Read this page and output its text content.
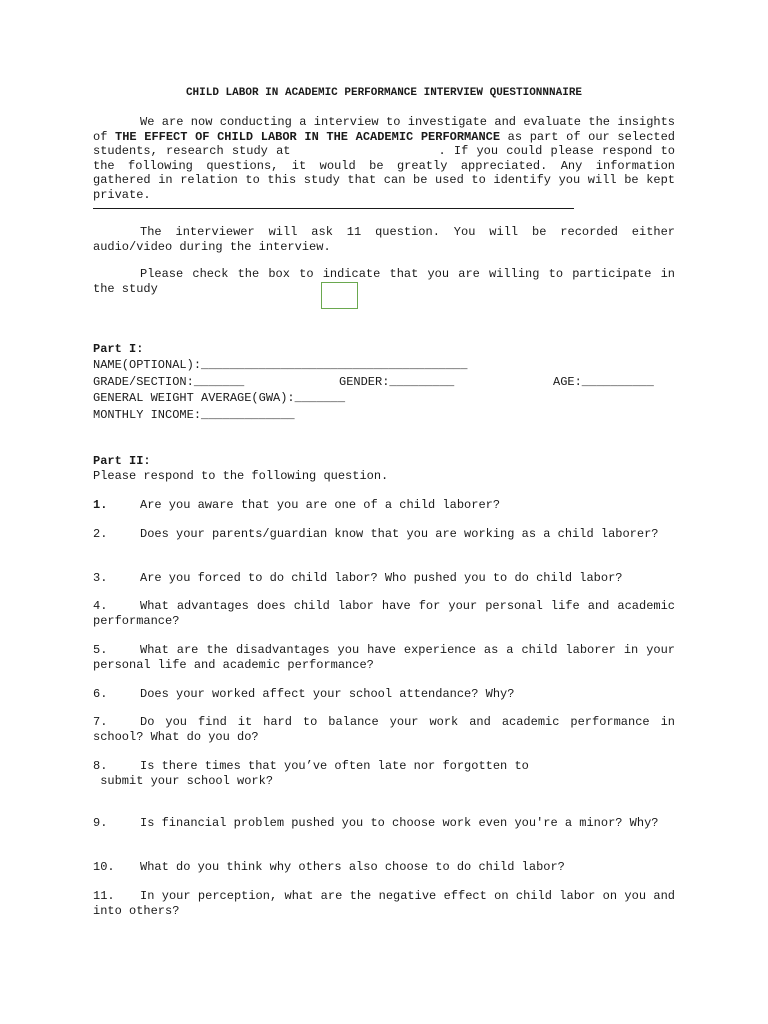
CHILD LABOR IN ACADEMIC PERFORMANCE INTERVIEW QUESTIONNNAIRE
We are now conducting a interview to investigate and evaluate the insights of THE EFFECT OF CHILD LABOR IN THE ACADEMIC PERFORMANCE as part of our selected students, research study at                  . If you could please respond to the following questions, it would be greatly appreciated. Any information gathered in relation to this study that can be used to identify you will be kept private.
The interviewer will ask 11 question. You will be recorded either audio/video during the interview.
Please check the box to indicate that you are willing to participate in the study
Part I:
NAME(OPTIONAL):_____________________________________
GRADE/SECTION:_______	GENDER:_________	AGE:__________
GENERAL WEIGHT AVERAGE(GWA):_______
MONTHLY INCOME:_____________
Part II:
Please respond to the following question.
1.	Are you aware that you are one of a child laborer?
2.	Does your parents/guardian know that you are working as a child laborer?
3.	Are you forced to do child labor? Who pushed you to do child labor?
4.	What advantages does child labor have for your personal life and academic performance?
5.	What are the disadvantages you have experience as a child laborer in your personal life and academic performance?
6.	Does your worked affect your school attendance? Why?
7.	Do you find it hard to balance your work and academic performance in school? What do you do?
8.	Is there times that you’ve often late nor forgotten to
submit your school work?
9.	Is financial problem pushed you to choose work even you're a minor? Why?
10. What do you think why others also choose to do child labor?
11. In your perception, what are the negative effect on child labor on you and into others?
